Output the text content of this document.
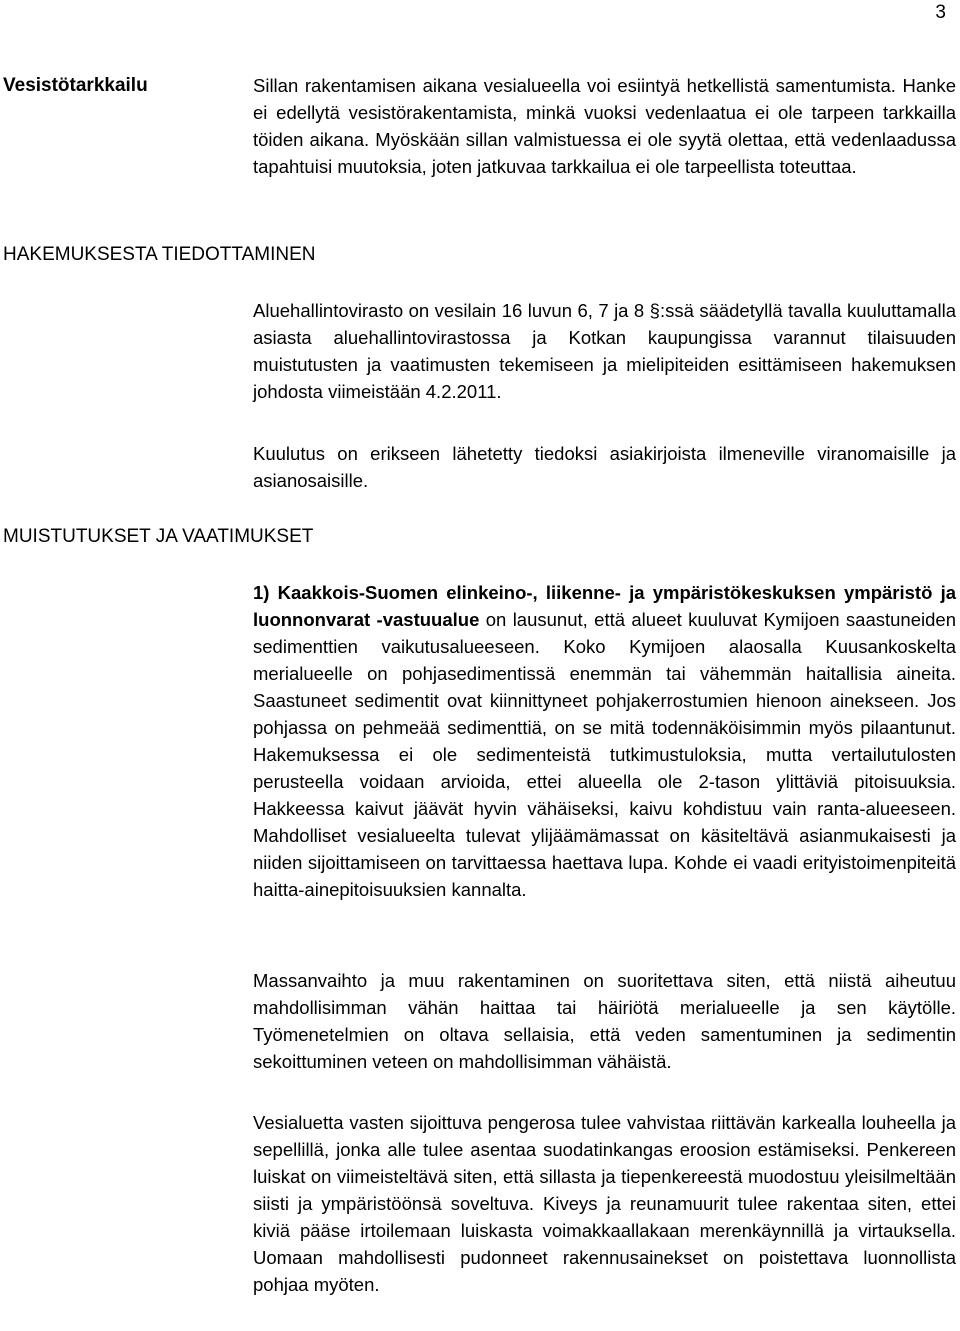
3
Vesistötarkkailu	Sillan rakentamisen aikana vesialueella voi esiintyä hetkellistä samentumista. Hanke ei edellytä vesistörakentamista, minkä vuoksi vedenlaatua ei ole tarpeen tarkkailla töiden aikana. Myöskään sillan valmistuessa ei ole syytä olettaa, että vedenlaadussa tapahtuisi muutoksia, joten jatkuvaa tarkkailua ei ole tarpeellista toteuttaa.

HAKEMUKSESTA TIEDOTTAMINEN

Aluehallintovirasto on vesilain 16 luvun 6, 7 ja 8 §:ssä säädetyllä tavalla kuuluttamalla asiasta aluehallintovirastossa ja Kotkan kaupungissa varannut tilaisuuden muistutusten ja vaatimusten tekemiseen ja mielipiteiden esittämiseen hakemuksen johdosta viimeistään 4.2.2011.

Kuulutus on erikseen lähetetty tiedoksi asiakirjoista ilmeneville viranomaisille ja asianosaisille.

MUISTUTUKSET JA VAATIMUKSET

1) Kaakkois-Suomen elinkeino-, liikenne- ja ympäristökeskuksen ympäristö ja luonnonvarat -vastuualue on lausunut, että alueet kuuluvat Kymijoen saastuneiden sedimenttien vaikutusalueeseen. Koko Kymijoen alaosalla Kuusankoskelta merialueelle on pohjasedimentissä enemmän tai vähemmän haitallisia aineita. Saastuneet sedimentit ovat kiinnittyneet pohjakerrostumien hienoon ainekseen. Jos pohjassa on pehmeää sedimenttiä, on se mitä todennäköisimmin myös pilaantunut. Hakemuksessa ei ole sedimenteistä tutkimustuloksia, mutta vertailutulosten perusteella voidaan arvioida, ettei alueella ole 2-tason ylittäviä pitoisuuksia. Hakkeessa kaivut jäävät hyvin vähäiseksi, kaivu kohdistuu vain ranta-alueeseen. Mahdolliset vesialueelta tulevat ylijäämämassat on käsiteltävä asianmukaisesti ja niiden sijoittamiseen on tarvittaessa haettava lupa. Kohde ei vaadi erityistoimenpiteitä haitta-ainepitoisuuksien kannalta.

Massanvaihto ja muu rakentaminen on suoritettava siten, että niistä aiheutuu mahdollisimman vähän haittaa tai häiriötä merialueelle ja sen käytölle. Työmenetelmien on oltava sellaisia, että veden samentuminen ja sedimentin sekoittuminen veteen on mahdollisimman vähäistä.

Vesialuetta vasten sijoittuva pengerosa tulee vahvistaa riittävän karkealla louheella ja sepellillä, jonka alle tulee asentaa suodatinkangas eroosion estämiseksi. Penkereen luiskat on viimeisteltävä siten, että sillasta ja tiepenkereestä muodostuu yleisilmeltään siisti ja ympäristöönsä soveltuva. Kiveys ja reunamuurit tulee rakentaa siten, ettei kiviä pääse irtoilemaan luiskasta voimakkaallakaan merenkäynnillä ja virtauksella. Uomaan mahdollisesti pudonneet rakennusainekset on poistettava luonnollista pohjaa myöten.
